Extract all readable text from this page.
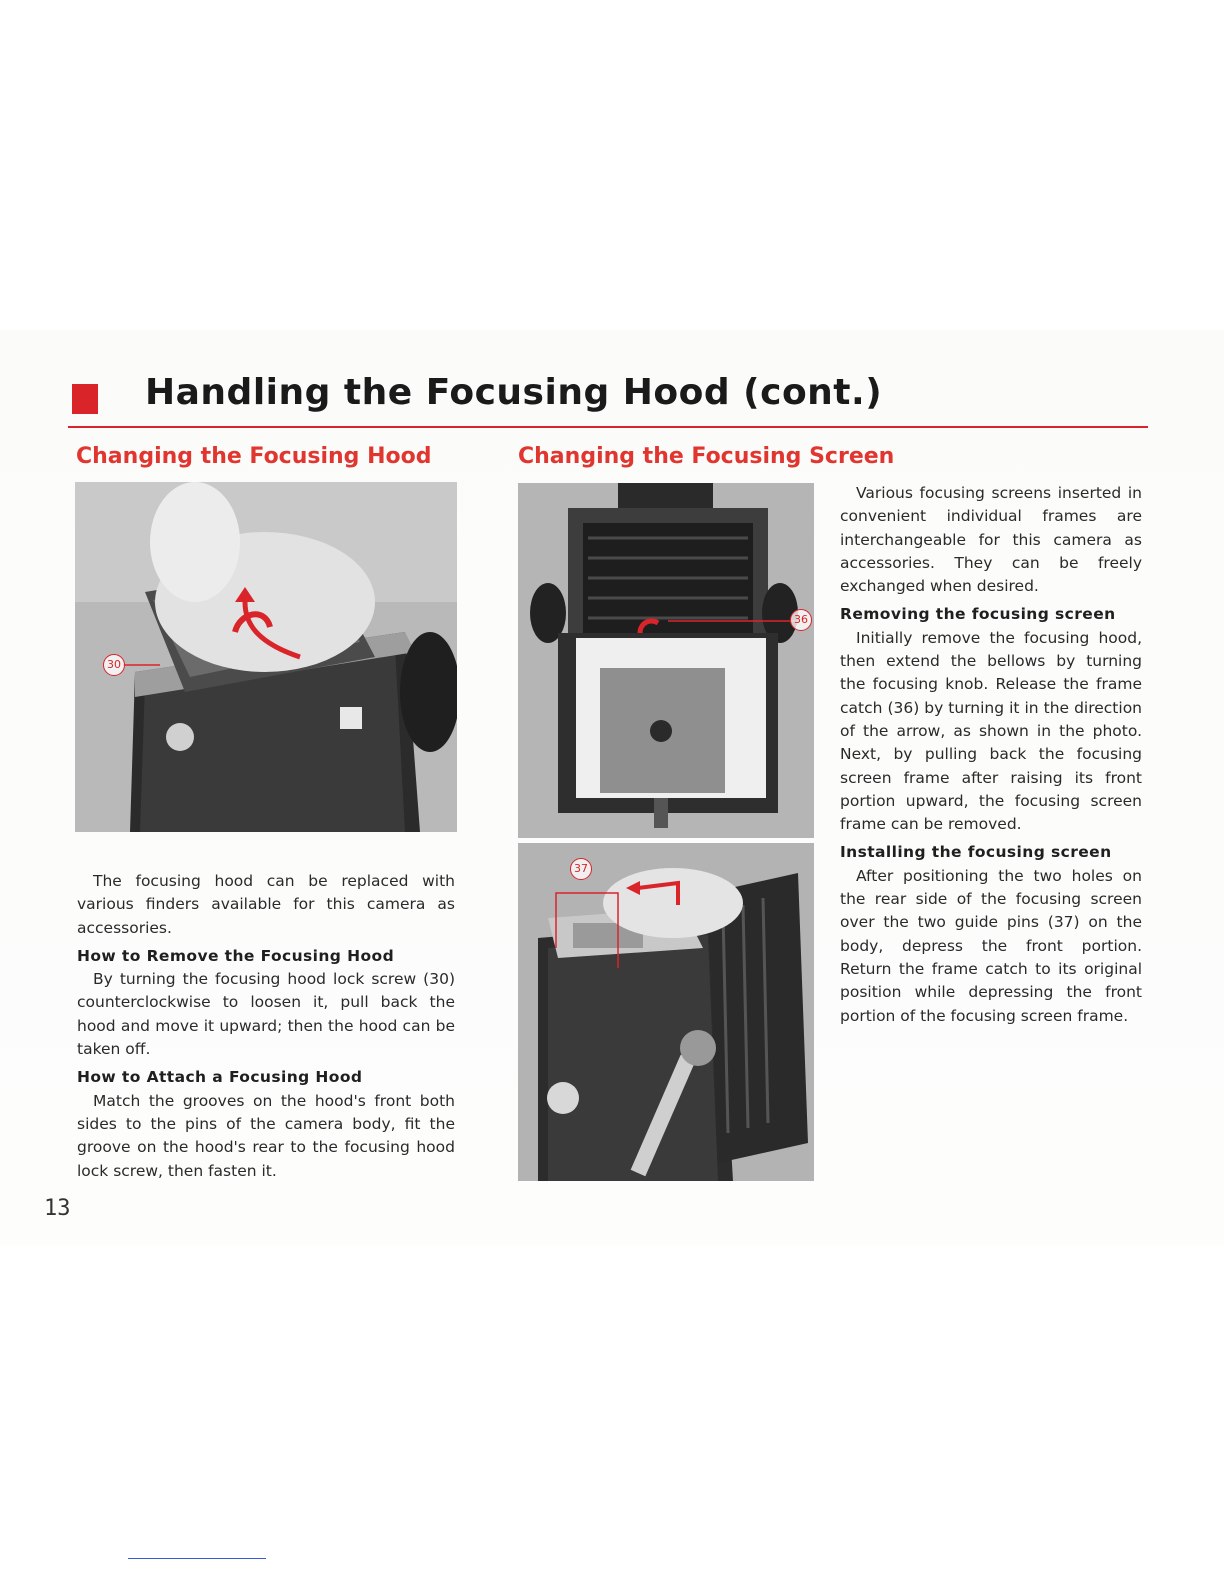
Handling the Focusing Hood (cont.)
Changing the Focusing Hood	Changing the Focusing Screen
30

The focusing hood can be replaced with various finders available for this camera as accessories.

How to Remove the Focusing Hood

By turning the focusing hood lock screw (30) counterclockwise to loosen it, pull back the hood and move it upward; then the hood can be taken off.

How to Attach a Focusing Hood

Match the grooves on the hood's front both sides to the pins of the camera body, fit the groove on the hood's rear to the focusing hood lock screw, then fasten it.

36
37

Various focusing screens inserted in convenient individual frames are interchangeable for this camera as accessories. They can be freely exchanged when desired.

Removing the focusing screen

Initially remove the focusing hood, then extend the bellows by turning the focusing knob. Release the frame catch (36) by turning it in the direction of the arrow, as shown in the photo. Next, by pulling back the focusing screen frame after raising its front portion upward, the focusing screen frame can be removed.

Installing the focusing screen

After positioning the two holes on the rear side of the focusing screen over the two guide pins (37) on the body, depress the front portion. Return the frame catch to its original position while depressing the front portion of the focusing screen frame.

13
